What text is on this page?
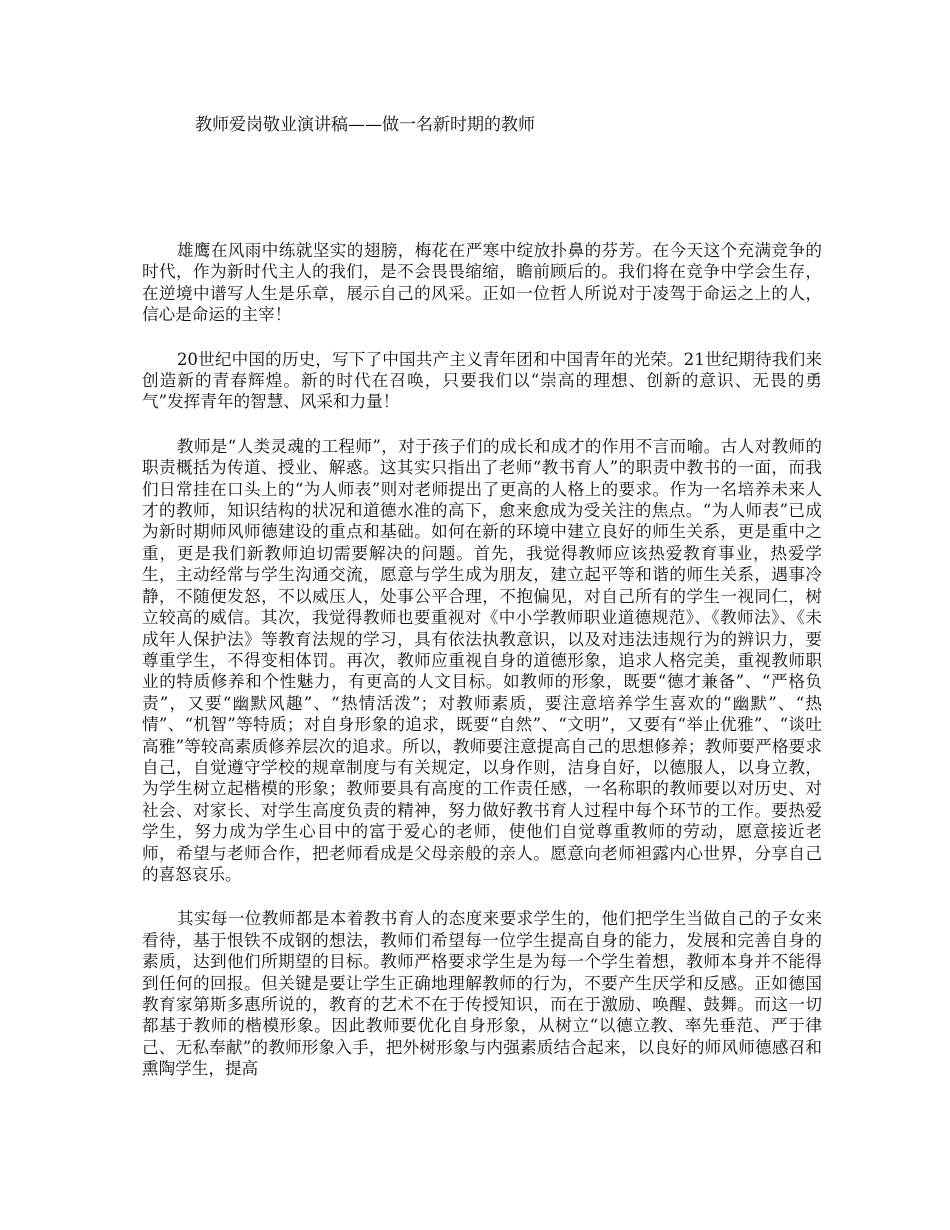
教师爱岗敬业演讲稿——做一名新时期的教师

雄鹰在风雨中练就坚实的翅膀，梅花在严寒中绽放扑鼻的芬芳。在今天这个充满竞争的时代，作为新时代主人的我们，是不会畏畏缩缩，瞻前顾后的。我们将在竞争中学会生存，在逆境中谱写人生是乐章，展示自己的风采。正如一位哲人所说对于凌驾于命运之上的人，信心是命运的主宰！

20世纪中国的历史，写下了中国共产主义青年团和中国青年的光荣。21世纪期待我们来创造新的青春辉煌。新的时代在召唤，只要我们以“崇高的理想、创新的意识、无畏的勇气”发挥青年的智慧、风采和力量！

教师是“人类灵魂的工程师”，对于孩子们的成长和成才的作用不言而喻。古人对教师的职责概括为传道、授业、解惑。这其实只指出了老师“教书育人”的职责中教书的一面，而我们日常挂在口头上的“为人师表”则对老师提出了更高的人格上的要求。作为一名培养未来人才的教师，知识结构的状况和道德水准的高下，愈来愈成为受关注的焦点。“为人师表”已成为新时期师风师德建设的重点和基础。如何在新的环境中建立良好的师生关系，更是重中之重，更是我们新教师迫切需要解决的问题。首先，我觉得教师应该热爱教育事业，热爱学生，主动经常与学生沟通交流，愿意与学生成为朋友，建立起平等和谐的师生关系，遇事冷静，不随便发怒，不以威压人，处事公平合理，不抱偏见，对自己所有的学生一视同仁，树立较高的威信。其次，我觉得教师也要重视对《中小学教师职业道德规范》、《教师法》、《未成年人保护法》等教育法规的学习，具有依法执教意识，以及对违法违规行为的辨识力，要尊重学生，不得变相体罚。再次，教师应重视自身的道德形象，追求人格完美，重视教师职业的特质修养和个性魅力，有更高的人文目标。如教师的形象，既要“德才兼备”、“严格负责”，又要“幽默风趣”、“热情活泼”；对教师素质，要注意培养学生喜欢的“幽默”、“热情”、“机智”等特质；对自身形象的追求，既要“自然”、“文明”，又要有“举止优雅”、“谈吐高雅”等较高素质修养层次的追求。所以，教师要注意提高自己的思想修养；教师要严格要求自己，自觉遵守学校的规章制度与有关规定，以身作则，洁身自好，以德服人，以身立教，为学生树立起楷模的形象；教师要具有高度的工作责任感，一名称职的教师要以对历史、对社会、对家长、对学生高度负责的精神，努力做好教书育人过程中每个环节的工作。要热爱学生，努力成为学生心目中的富于爱心的老师，使他们自觉尊重教师的劳动，愿意接近老师，希望与老师合作，把老师看成是父母亲般的亲人。愿意向老师袒露内心世界，分享自己的喜怒哀乐。

其实每一位教师都是本着教书育人的态度来要求学生的，他们把学生当做自己的子女来看待，基于恨铁不成钢的想法，教师们希望每一位学生提高自身的能力，发展和完善自身的素质，达到他们所期望的目标。教师严格要求学生是为每一个学生着想，教师本身并不能得到任何的回报。但关键是要让学生正确地理解教师的行为，不要产生厌学和反感。正如德国教育家第斯多惠所说的，教育的艺术不在于传授知识，而在于激励、唤醒、鼓舞。而这一切都基于教师的楷模形象。因此教师要优化自身形象，从树立“以德立教、率先垂范、严于律己、无私奉献”的教师形象入手，把外树形象与内强素质结合起来，以良好的师风师德感召和熏陶学生，提高
